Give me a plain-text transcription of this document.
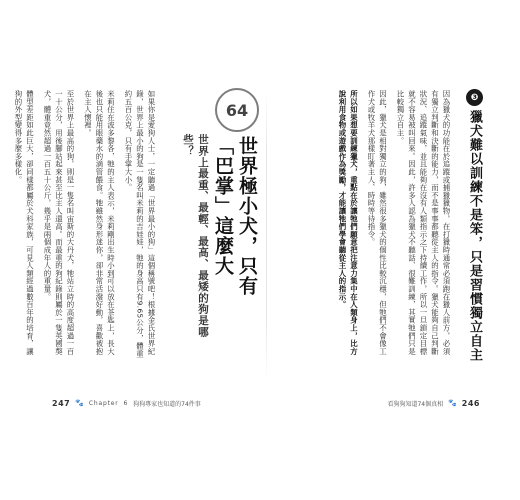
64
世界上最重、最輕、最高、最矮的狗是哪些？	世界極小犬，只有
「巴掌」這麼大

如果你是愛狗人士，一定聽過「世界最小的狗」這個稱號吧！根據金氏世界紀錄，世界上最小的狗是一隻名叫米莉的吉娃娃，牠的身高只有9.65公分，體重約五百公克，只有手掌大小。

米莉住在波多黎各，牠的主人表示，米莉剛出生時小到可以放在茶匙上，長大後也只能用眼藥水的滴管餵食。牠雖然身形迷你，卻非常活潑好動，喜歡被抱在主人懷裡。

至於世界上最高的狗，則是一隻名叫宙斯的大丹犬，牠站立時的高度超過一百一十公分，用後腳站起來甚至比主人還高。而最重的狗紀錄則屬於一隻英國獒犬，體重竟然超過一百五十公斤，幾乎是兩個成年人的重量。

體型差距如此巨大，卻同樣都屬於犬科家族，可見人類經過數百年的培育，讓狗的外型變得多麼多樣化。	❸
獵犬難以訓練不是笨，只是習慣獨立自主

因為獵犬的功能在於追蹤或捕獵獵物，在打獵時通常必須跑在獵人前方，必須有獨立判斷和決斷的能力，而不是事事都聽從主人的指令。獵犬能夠自己判斷狀況、追蹤氣味，並且能夠在沒有人類指示之下持續工作，所以一旦鎖定目標就不容易被叫回來。因此，許多人認為獵犬不聽話、很難訓練，其實牠們只是比較獨立自主。

因此，獵犬是相對獨立的狗，雖然很多獵犬的個性比較沉穩，但牠們不會像工作犬或牧羊犬那樣盯著主人、時時等待指令。

所以如果想要訓練獵犬，重點在於讓牠們願意把注意力集中在人類身上，比方說利用食物或遊戲作為獎勵，才能讓牠們學會聽從主人的指示。

247 🐾 Chapter 6 狗狗專家也知道的74件事	看狗狗知道74個真相 🐾 246
